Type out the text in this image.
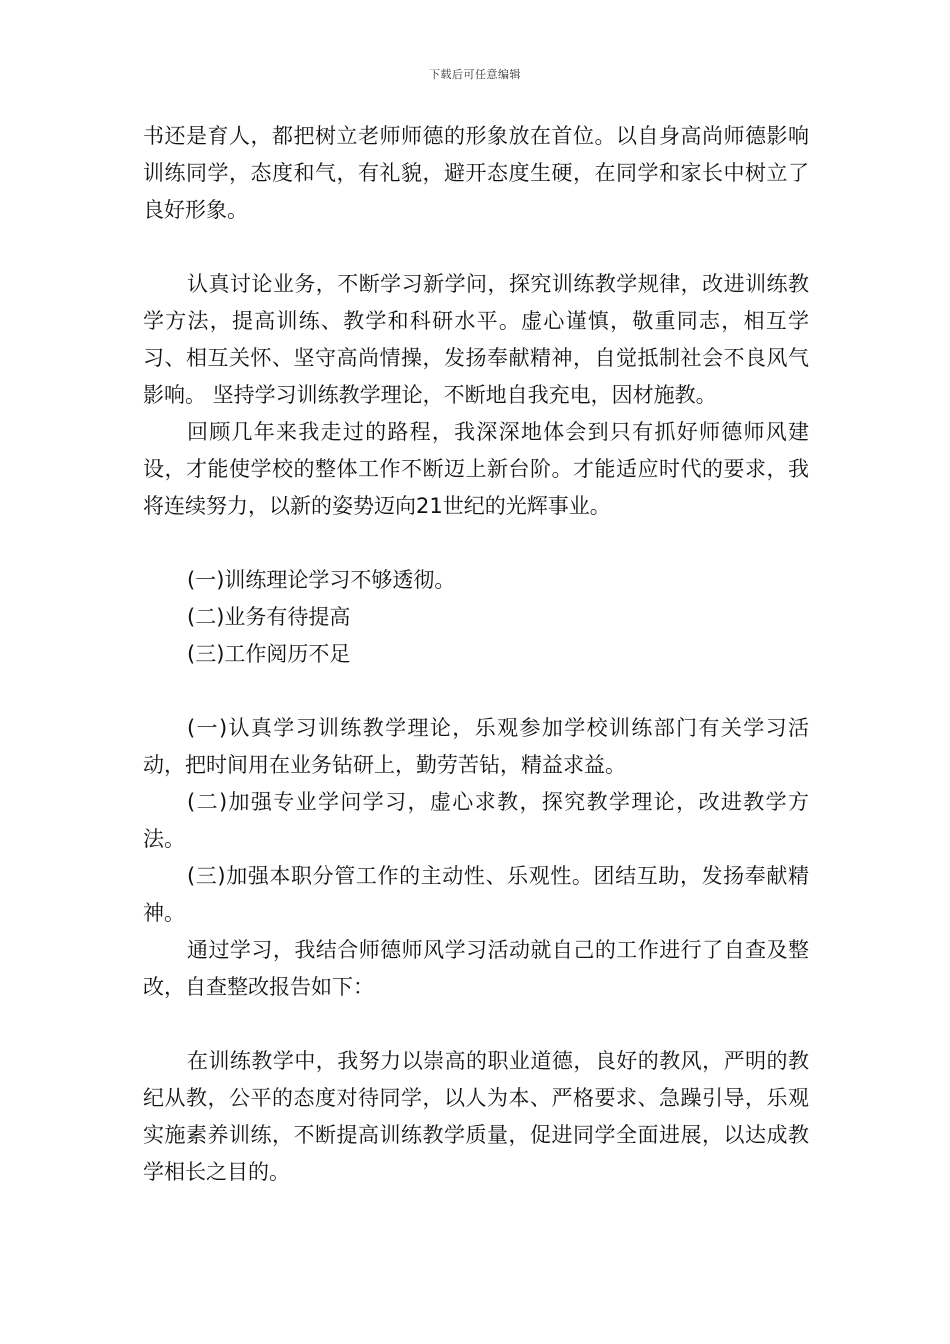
下载后可任意编辑

书还是育人，都把树立老师师德的形象放在首位。以自身高尚师德影响训练同学，态度和气，有礼貌，避开态度生硬，在同学和家长中树立了良好形象。

认真讨论业务，不断学习新学问，探究训练教学规律，改进训练教学方法，提高训练、教学和科研水平。虚心谨慎，敬重同志，相互学习、相互关怀、坚守高尚情操，发扬奉献精神，自觉抵制社会不良风气影响。 坚持学习训练教学理论，不断地自我充电，因材施教。

回顾几年来我走过的路程，我深深地体会到只有抓好师德师风建设，才能使学校的整体工作不断迈上新台阶。才能适应时代的要求，我将连续努力，以新的姿势迈向21世纪的光辉事业。

(一)训练理论学习不够透彻。

(二)业务有待提高

(三)工作阅历不足

(一)认真学习训练教学理论，乐观参加学校训练部门有关学习活动，把时间用在业务钻研上，勤劳苦钻，精益求益。

(二)加强专业学问学习，虚心求教，探究教学理论，改进教学方法。

(三)加强本职分管工作的主动性、乐观性。团结互助，发扬奉献精神。

通过学习，我结合师德师风学习活动就自己的工作进行了自查及整改，自查整改报告如下：

在训练教学中，我努力以崇高的职业道德，良好的教风，严明的教纪从教，公平的态度对待同学，以人为本、严格要求、急躁引导，乐观实施素养训练，不断提高训练教学质量，促进同学全面进展，以达成教学相长之目的。
